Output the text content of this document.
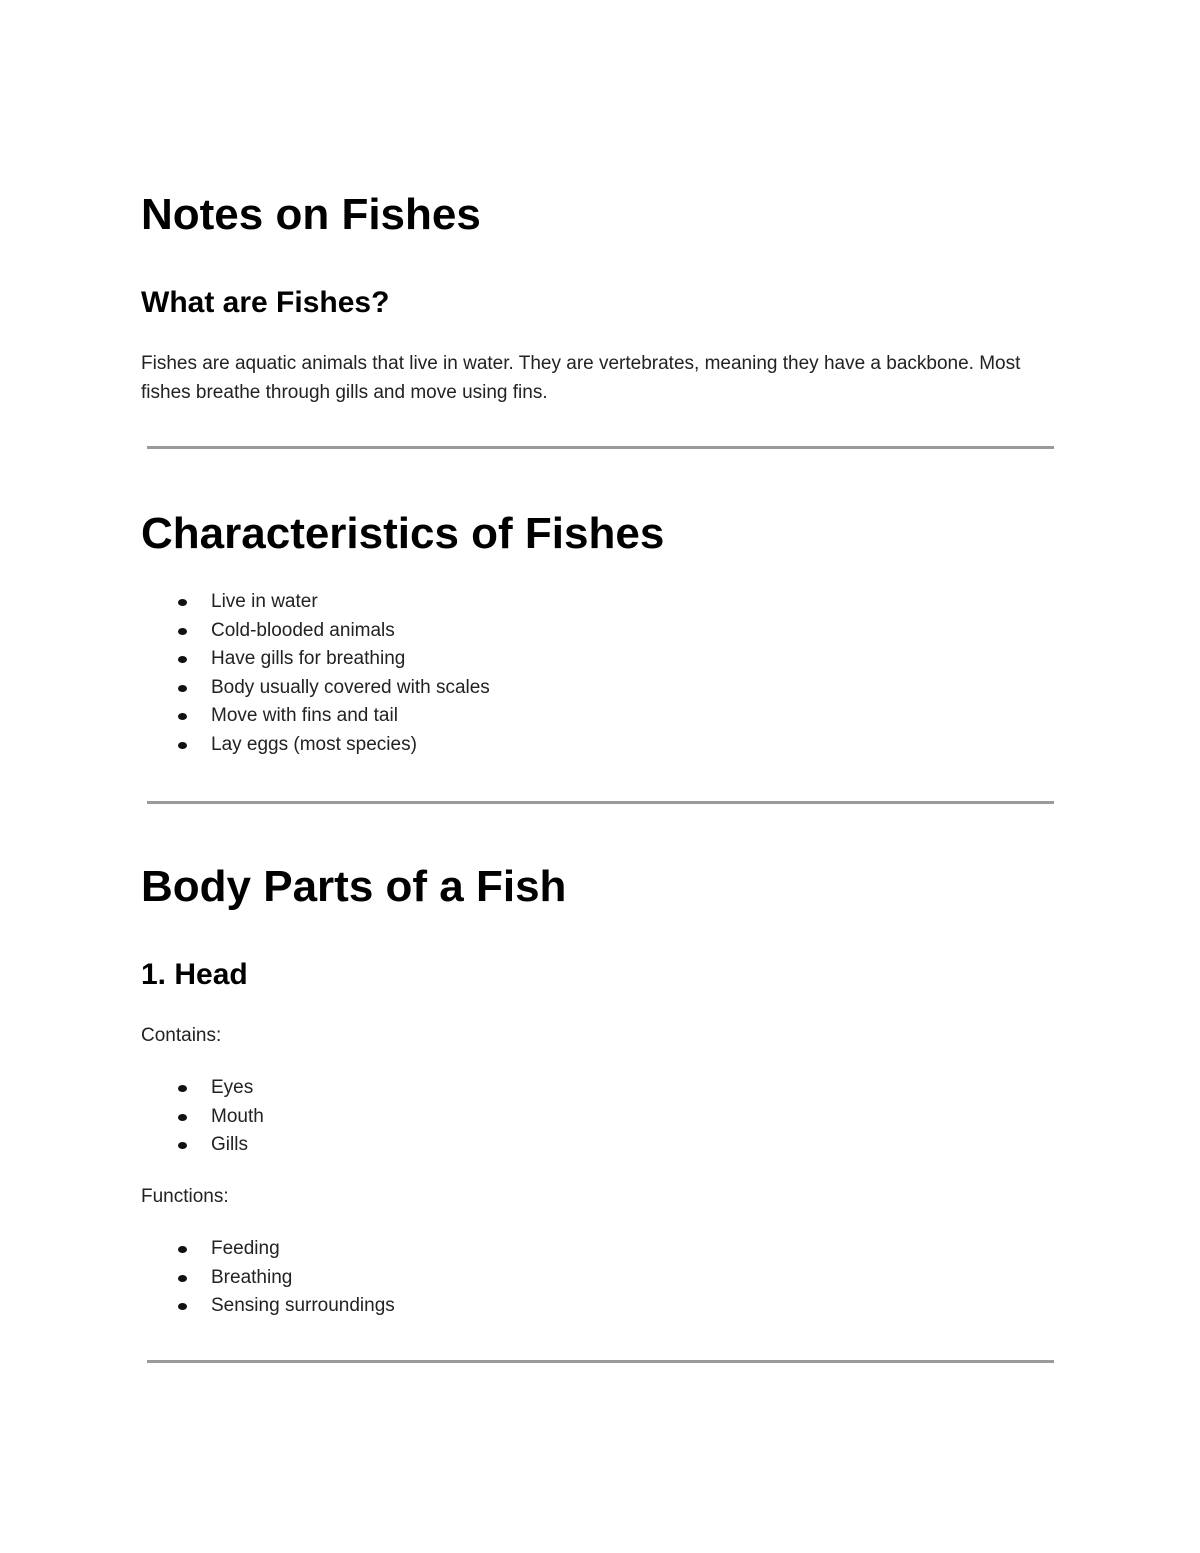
Notes on Fishes
What are Fishes?

Fishes are aquatic animals that live in water. They are vertebrates, meaning they have a backbone. Most fishes breathe through gills and move using fins.

Characteristics of Fishes
Live in water
Cold-blooded animals
Have gills for breathing
Body usually covered with scales
Move with fins and tail
Lay eggs (most species)
Body Parts of a Fish
1. Head

Contains:

Eyes
Mouth
Gills

Functions:

Feeding
Breathing
Sensing surroundings
